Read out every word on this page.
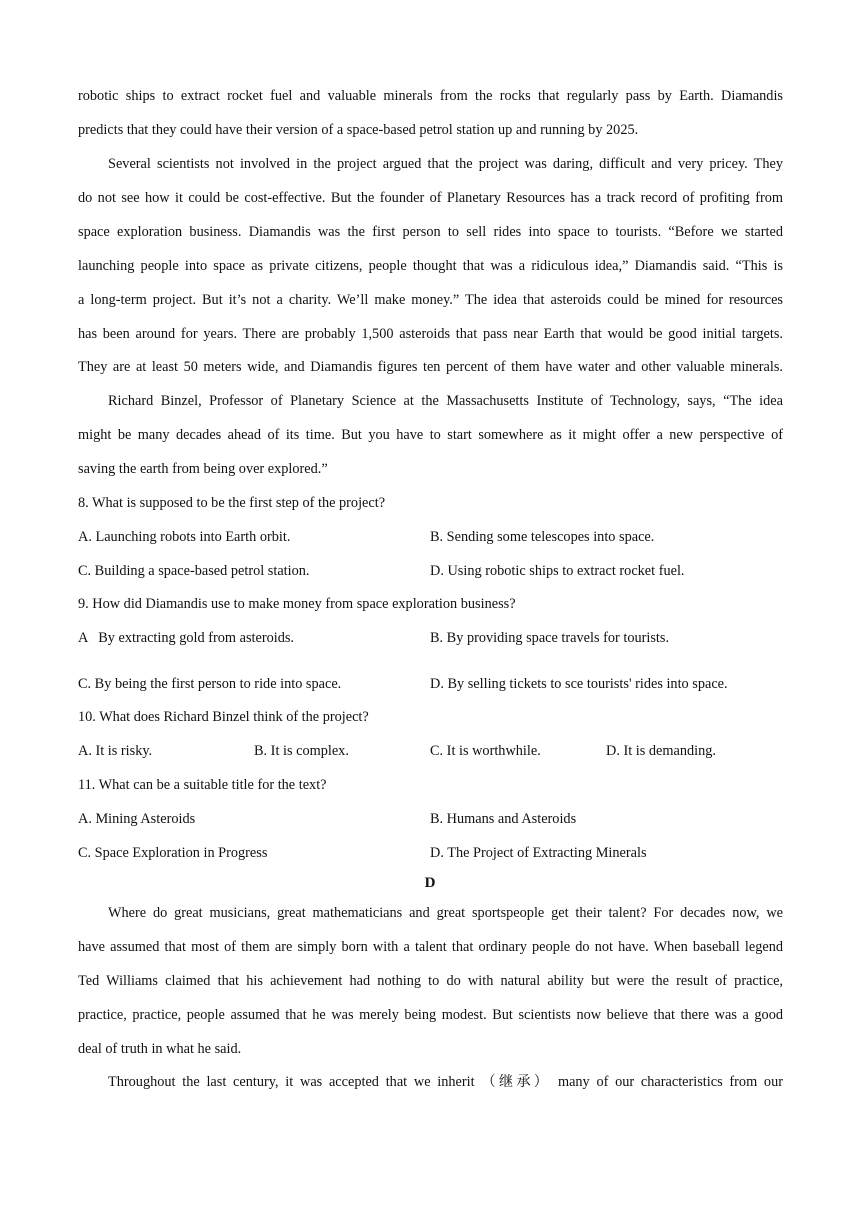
robotic ships to extract rocket fuel and valuable minerals from the rocks that regularly pass by Earth. Diamandis
predicts that they could have their version of a space-based petrol station up and running by 2025.
Several scientists not involved in the project argued that the project was daring, difficult and very pricey. They
do not see how it could be cost-effective. But the founder of Planetary Resources has a track record of profiting from
space exploration business. Diamandis was the first person to sell rides into space to tourists. “Before we started
launching people into space as private citizens, people thought that was a ridiculous idea,” Diamandis said. “This is
a long-term project. But it’s not a charity. We’ll make money.” The idea that asteroids could be mined for resources
has been around for years. There are probably 1,500 asteroids that pass near Earth that would be good initial targets.
They are at least 50 meters wide, and Diamandis figures ten percent of them have water and other valuable minerals.
Richard Binzel, Professor of Planetary Science at the Massachusetts Institute of Technology, says, “The idea
might be many decades ahead of its time. But you have to start somewhere as it might offer a new perspective of
saving the earth from being over explored.”
8. What is supposed to be the first step of the project?
A. Launching robots into Earth orbit.	B. Sending some telescopes into space.
C. Building a space-based petrol station.	D. Using robotic ships to extract rocket fuel.
9. How did Diamandis use to make money from space exploration business?
A   By extracting gold from asteroids.	B. By providing space travels for tourists.
C. By being the first person to ride into space.	D. By selling tickets to sce tourists' rides into space.
10. What does Richard Binzel think of the project?
A. It is risky.	B. It is complex.	C. It is worthwhile.	D. It is demanding.
11. What can be a suitable title for the text?
A. Mining Asteroids	B. Humans and Asteroids
C. Space Exploration in Progress	D. The Project of Extracting Minerals
D
Where do great musicians, great mathematicians and great sportspeople get their talent? For decades now, we
have assumed that most of them are simply born with a talent that ordinary people do not have. When baseball legend
Ted Williams claimed that his achievement had nothing to do with natural ability but were the result of practice,
practice, practice, people assumed that he was merely being modest. But scientists now believe that there was a good
deal of truth in what he said.
Throughout the last century, it was accepted that we inherit （继承） many of our characteristics from our
